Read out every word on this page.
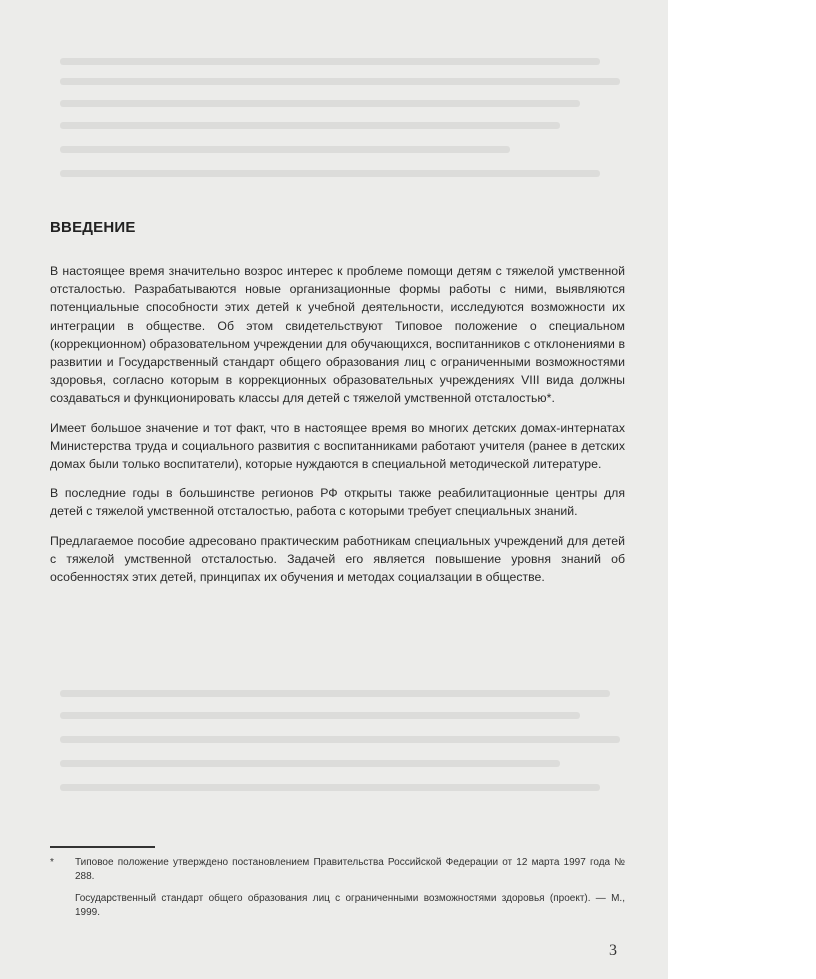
ВВЕДЕНИЕ

В настоящее время значительно возрос интерес к проблеме помощи детям с тяжелой умственной отсталостью. Разрабатываются новые организационные формы работы с ними, выявляются потенциальные способности этих детей к учебной деятельности, исследуются возможности их интеграции в обществе. Об этом свидетельствуют Типовое положение о специальном (коррекционном) образовательном учреждении для обучающихся, воспитанников с отклонениями в развитии и Государственный стандарт общего образования лиц с ограниченными возможностями здоровья, согласно которым в коррекционных образовательных учреждениях VIII вида должны создаваться и функционировать классы для детей с тяжелой умственной отсталостью*.

Имеет большое значение и тот факт, что в настоящее время во многих детских домах-интернатах Министерства труда и социального развития с воспитанниками работают учителя (ранее в детских домах были только воспитатели), которые нуждаются в специальной методической литературе.

В последние годы в большинстве регионов РФ открыты также реабилитационные центры для детей с тяжелой умственной отсталостью, работа с которыми требует специальных знаний.

Предлагаемое пособие адресовано практическим работникам специальных учреждений для детей с тяжелой умственной отсталостью. Задачей его является повышение уровня знаний об особенностях этих детей, принципах их обучения и методах социалзации в обществе.

* Типовое положение утверждено постановлением Правительства Российской Федерации от 12 марта 1997 года № 288.
Государственный стандарт общего образования лиц с ограниченными возможностями здоровья (проект). — М., 1999.
3
